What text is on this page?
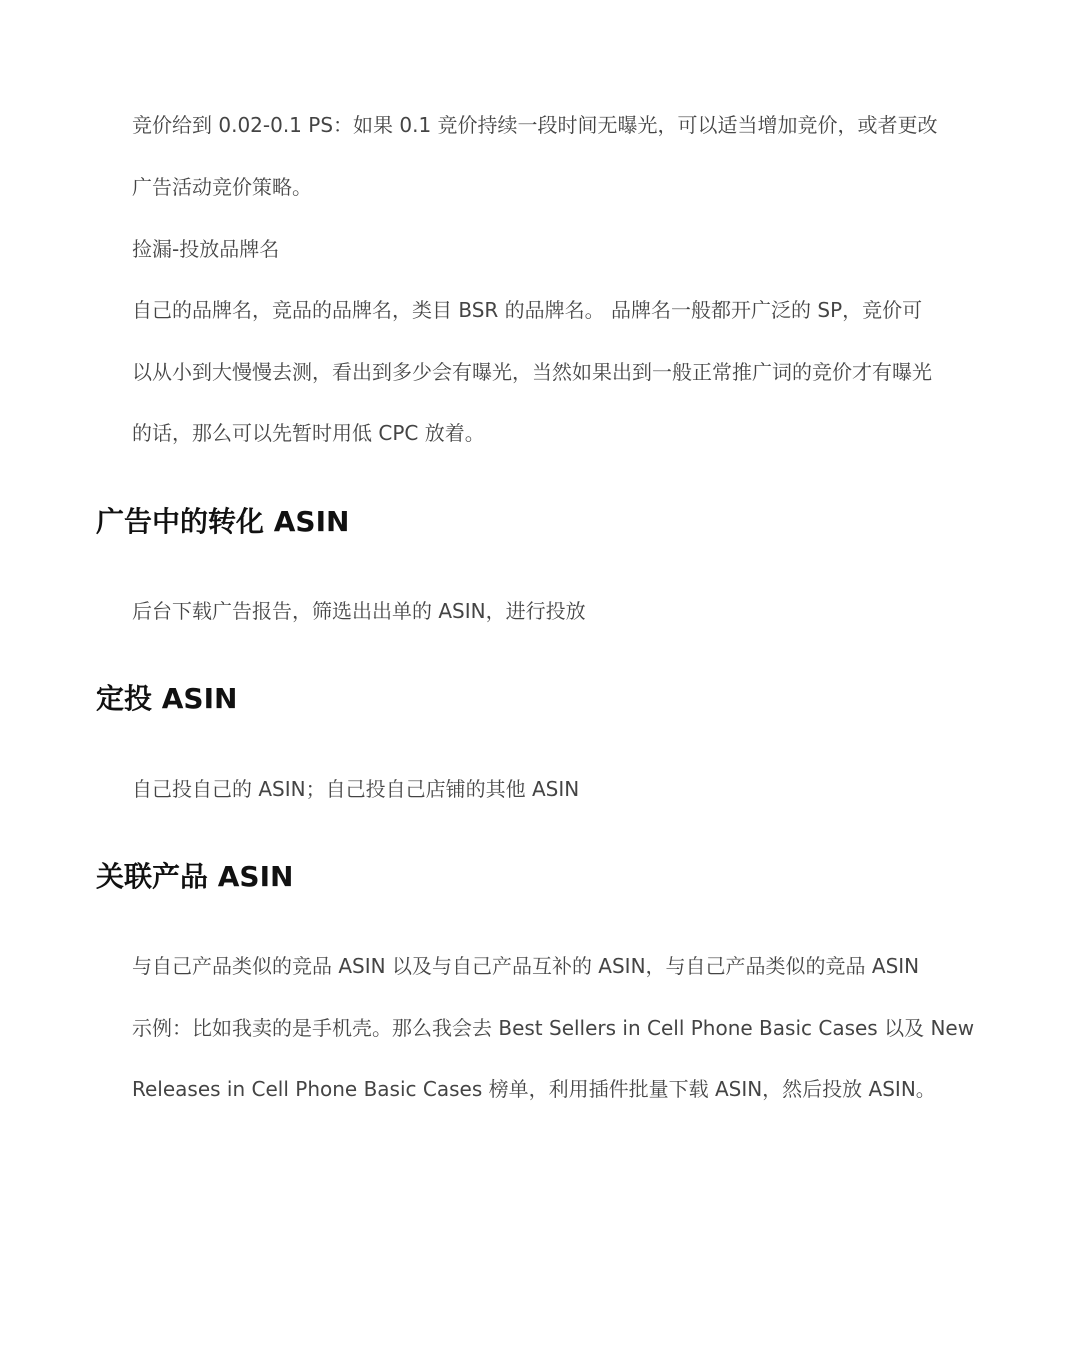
竞价给到 0.02-0.1 PS：如果 0.1 竞价持续一段时间无曝光，可以适当增加竞价，或者更改
广告活动竞价策略。
捡漏-投放品牌名
自己的品牌名，竞品的品牌名，类目 BSR 的品牌名。 品牌名一般都开广泛的 SP，竞价可
以从小到大慢慢去测，看出到多少会有曝光，当然如果出到一般正常推广词的竞价才有曝光
的话，那么可以先暂时用低 CPC 放着。
广告中的转化 ASIN
后台下载广告报告，筛选出出单的 ASIN，进行投放
定投 ASIN
自己投自己的 ASIN；自己投自己店铺的其他 ASIN
关联产品 ASIN
与自己产品类似的竞品 ASIN 以及与自己产品互补的 ASIN，与自己产品类似的竞品 ASIN
示例：比如我卖的是手机壳。那么我会去 Best Sellers in Cell Phone Basic Cases 以及 New
Releases in Cell Phone Basic Cases 榜单，利用插件批量下载 ASIN，然后投放 ASIN。
